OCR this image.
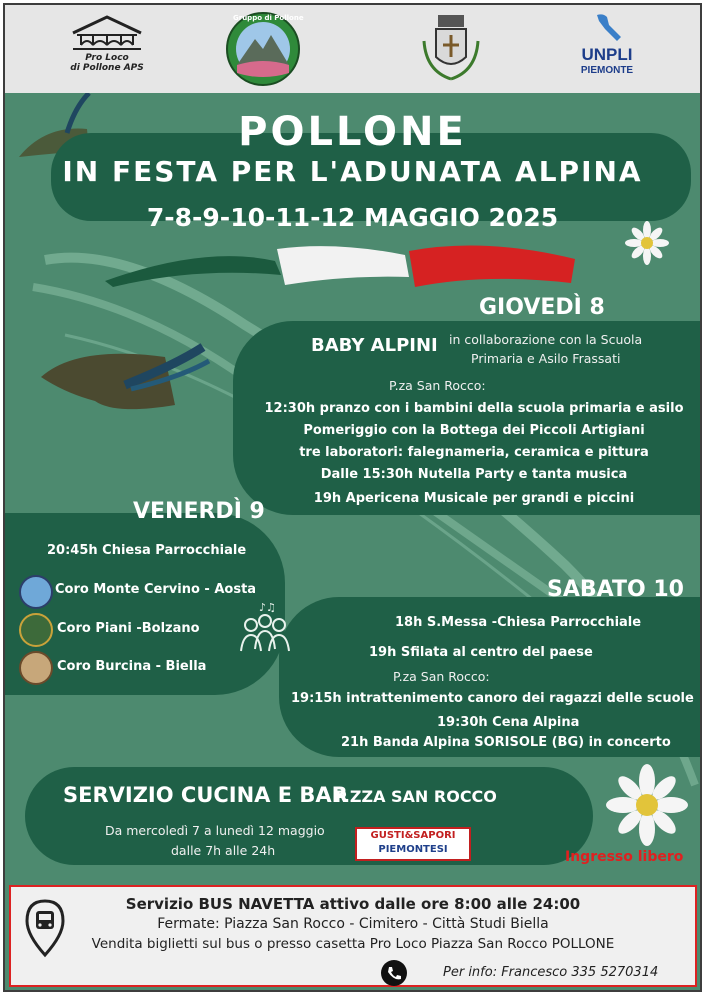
Pro Loco
di Pollone APS
Gruppo di Pollone
UNPLI
PIEMONTE
POLLONE
IN FESTA PER L'ADUNATA ALPINA
7-8-9-10-11-12 MAGGIO 2025
GIOVEDÌ 8
BABY ALPINI in collaborazione con la Scuola
Primaria e Asilo Frassati
P.za San Rocco:
12:30h pranzo con i bambini della scuola primaria e asilo
Pomeriggio con la Bottega dei Piccoli Artigiani
tre laboratori: falegnameria, ceramica e pittura
Dalle 15:30h Nutella Party e tanta musica
19h Apericena Musicale per grandi e piccini
VENERDÌ 9
20:45h Chiesa Parrocchiale
Coro Monte Cervino - Aosta
Coro Piani -Bolzano
Coro Burcina - Biella
♪♫
SABATO 10
18h S.Messa -Chiesa Parrocchiale
19h Sfilata al centro del paese
P.za San Rocco:
19:15h intrattenimento canoro dei ragazzi delle scuole
19:30h Cena Alpina
21h Banda Alpina SORISOLE (BG) in concerto
SERVIZIO CUCINA E BAR
P.ZZA SAN ROCCO
Da mercoledì 7 a lunedì 12 maggio
dalle 7h alle 24h
GUSTI&SAPORI
PIEMONTESI	Ingresso libero
Servizio BUS NAVETTA attivo dalle ore 8:00 alle 24:00
Fermate: Piazza San Rocco - Cimitero - Città Studi Biella
Vendita biglietti sul bus o presso casetta Pro Loco Piazza San Rocco POLLONE
Per info: Francesco 335 5270314
